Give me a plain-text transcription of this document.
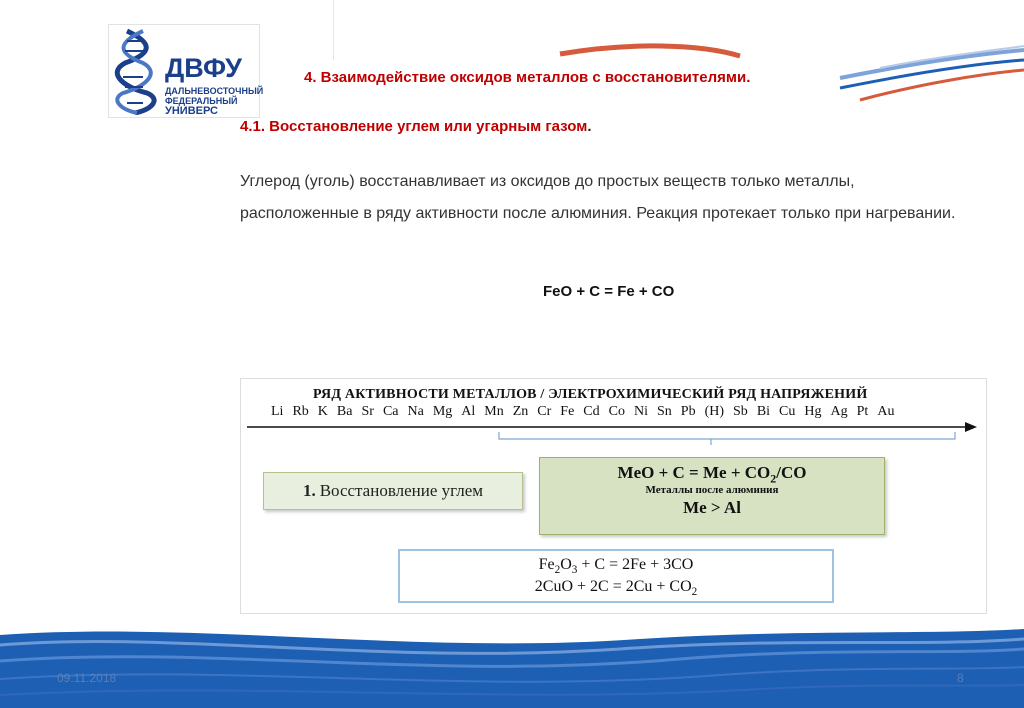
ДВФУ
ДАЛЬНЕВОСТОЧНЫЙ
ФЕДЕРАЛЬНЫЙ
УНИВЕРС
4. Взаимодействие оксидов металлов с восстановителями.
4.1. Восстановление углем или угарным газом.
Углерод (уголь) восстанавливает из оксидов до простых веществ только металлы, расположенные в ряду активности после алюминия. Реакция протекает только при нагревании.
FeO + C = Fe + CO
РЯД АКТИВНОСТИ МЕТАЛЛОВ / ЭЛЕКТРОХИМИЧЕСКИЙ РЯД НАПРЯЖЕНИЙ
Li Rb K Ba Sr Ca Na Mg Al Mn Zn Cr Fe Cd Co Ni Sn Pb (H) Sb Bi Cu Hg Ag Pt Au
1. Восстановление углем
MeO + $C = Me + CO_2/CO$
Металлы после алюминия
Me > Al
$Fe_2O_3 + C = 2Fe + 3CO$
$2CuO + 2C = 2Cu + CO_2$
09.11.2018	8
